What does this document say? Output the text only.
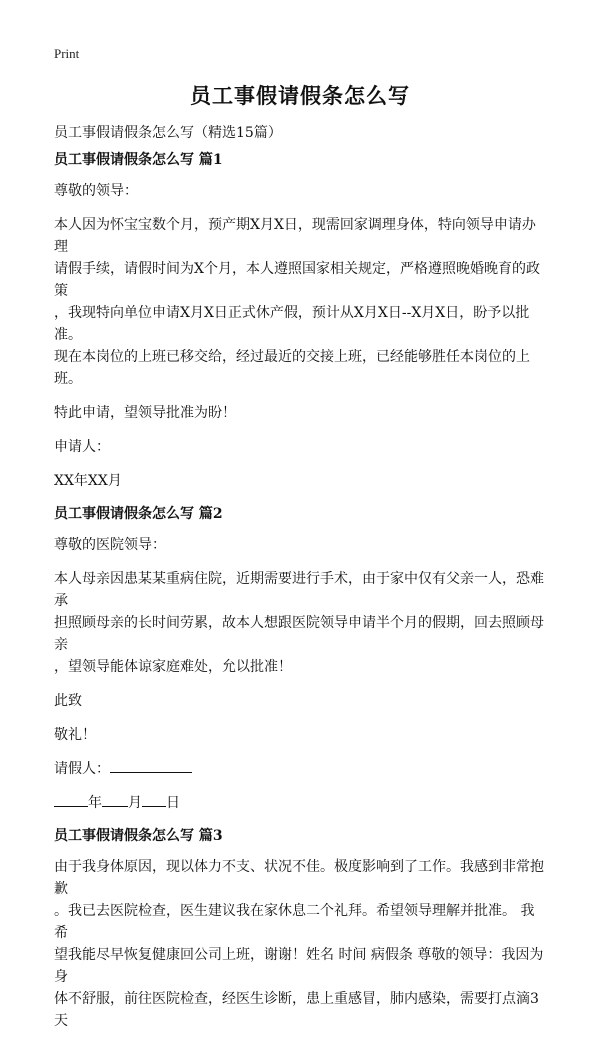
Print
员工事假请假条怎么写
员工事假请假条怎么写（精选15篇）
员工事假请假条怎么写 篇1
尊敬的领导：
本人因为怀宝宝数个月，预产期X月X日，现需回家调理身体，特向领导申请办理
请假手续，请假时间为X个月，本人遵照国家相关规定，严格遵照晚婚晚育的政策
，我现特向单位申请X月X日正式休产假，预计从X月X日--X月X日，盼予以批准。
现在本岗位的上班已移交给，经过最近的交接上班，已经能够胜任本岗位的上班。
特此申请，望领导批准为盼！
申请人：
XX年XX月
员工事假请假条怎么写 篇2
尊敬的医院领导：
本人母亲因患某某重病住院，近期需要进行手术，由于家中仅有父亲一人，恐难承
担照顾母亲的长时间劳累，故本人想跟医院领导申请半个月的假期，回去照顾母亲
，望领导能体谅家庭难处，允以批准！
此致
敬礼！
请假人：
年 月 日
员工事假请假条怎么写 篇3
由于我身体原因，现以体力不支、状况不佳。极度影响到了工作。我感到非常抱歉
。我已去医院检查，医生建议我在家休息二个礼拜。希望领导理解并批准。 我希
望我能尽早恢复健康回公司上班，谢谢！姓名 时间 病假条 尊敬的领导：我因为身
体不舒服，前往医院检查，经医生诊断，患上重感冒，肺内感染，需要打点滴3天
